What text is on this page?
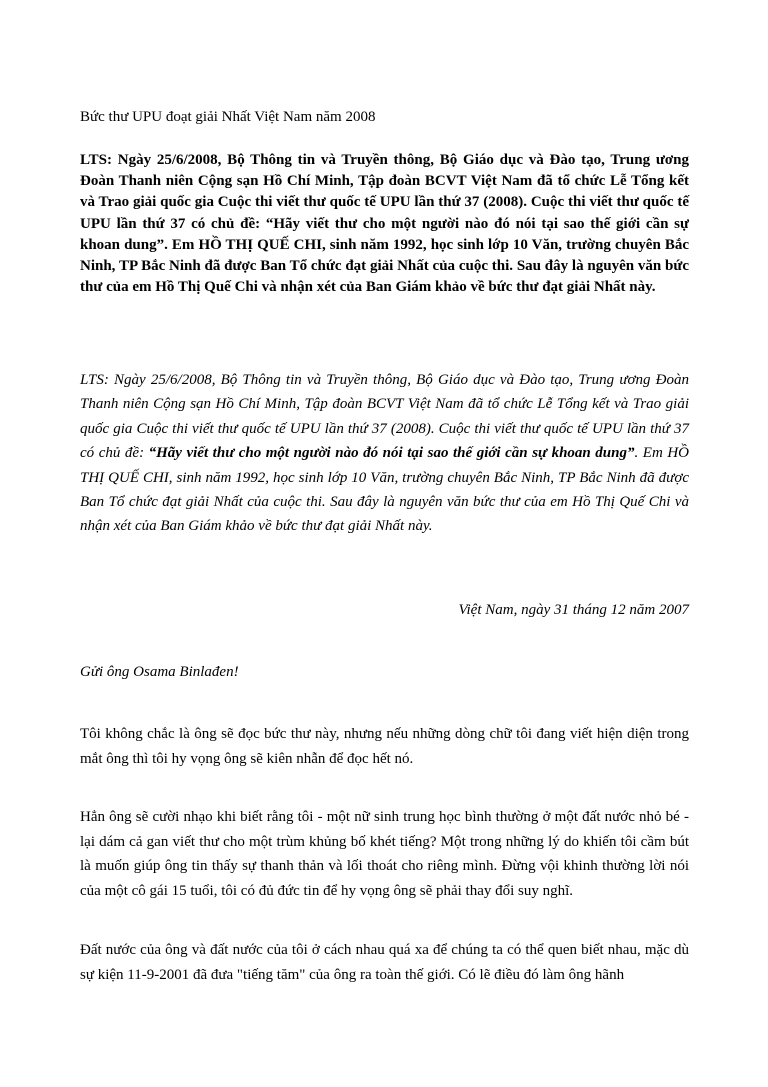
Bức thư UPU đoạt giải Nhất Việt Nam năm 2008
LTS: Ngày 25/6/2008, Bộ Thông tin và Truyền thông, Bộ Giáo dục và Đào tạo, Trung ương Đoàn Thanh niên Cộng sạn Hồ Chí Minh, Tập đoàn BCVT Việt Nam đã tổ chức Lễ Tổng kết và Trao giải quốc gia Cuộc thi viết thư quốc tế UPU lần thứ 37 (2008). Cuộc thi viết thư quốc tế UPU lần thứ 37 có chủ đề: “Hãy viết thư cho một người nào đó nói tại sao thế giới cần sự khoan dung”. Em HỒ THỊ QUẾ CHI, sinh năm 1992, học sinh lớp 10 Văn, trường chuyên Bắc Ninh, TP Bắc Ninh đã được Ban Tổ chức đạt giải Nhất của cuộc thi. Sau đây là nguyên văn bức thư của em Hồ Thị Quế Chi và nhận xét của Ban Giám khảo về bức thư đạt giải Nhất này.
LTS: Ngày 25/6/2008, Bộ Thông tin và Truyền thông, Bộ Giáo dục và Đào tạo, Trung ương Đoàn Thanh niên Cộng sạn Hồ Chí Minh, Tập đoàn BCVT Việt Nam đã tổ chức Lễ Tổng kết và Trao giải quốc gia Cuộc thi viết thư quốc tế UPU lần thứ 37 (2008). Cuộc thi viết thư quốc tế UPU lần thứ 37 có chủ đề: “Hãy viết thư cho một người nào đó nói tại sao thế giới cần sự khoan dung”. Em HỒ THỊ QUẾ CHI, sinh năm 1992, học sinh lớp 10 Văn, trường chuyên Bắc Ninh, TP Bắc Ninh đã được Ban Tổ chức đạt giải Nhất của cuộc thi. Sau đây là nguyên văn bức thư của em Hồ Thị Quế Chi và nhận xét của Ban Giám khảo về bức thư đạt giải Nhất này.
Việt Nam, ngày 31 tháng 12 năm 2007
Gửi ông Osama Binlađen!
Tôi không chắc là ông sẽ đọc bức thư này, nhưng nếu những dòng chữ tôi đang viết hiện diện trong mắt ông thì tôi hy vọng ông sẽ kiên nhẫn để đọc hết nó.
Hẳn ông sẽ cười nhạo khi biết rằng tôi - một nữ sinh trung học bình thường ở một đất nước nhỏ bé - lại dám cả gan viết thư cho một trùm khủng bố khét tiếng? Một trong những lý do khiến tôi cầm bút là muốn giúp ông tin thấy sự thanh thản và lối thoát cho riêng mình. Đừng vội khinh thường lời nói của một cô gái 15 tuổi, tôi có đủ đức tin để hy vọng ông sẽ phải thay đổi suy nghĩ.
Đất nước của ông và đất nước của tôi ở cách nhau quá xa để chúng ta có thể quen biết nhau, mặc dù sự kiện 11-9-2001 đã đưa "tiếng tăm" của ông ra toàn thế giới. Có lẽ điều đó làm ông hãnh
